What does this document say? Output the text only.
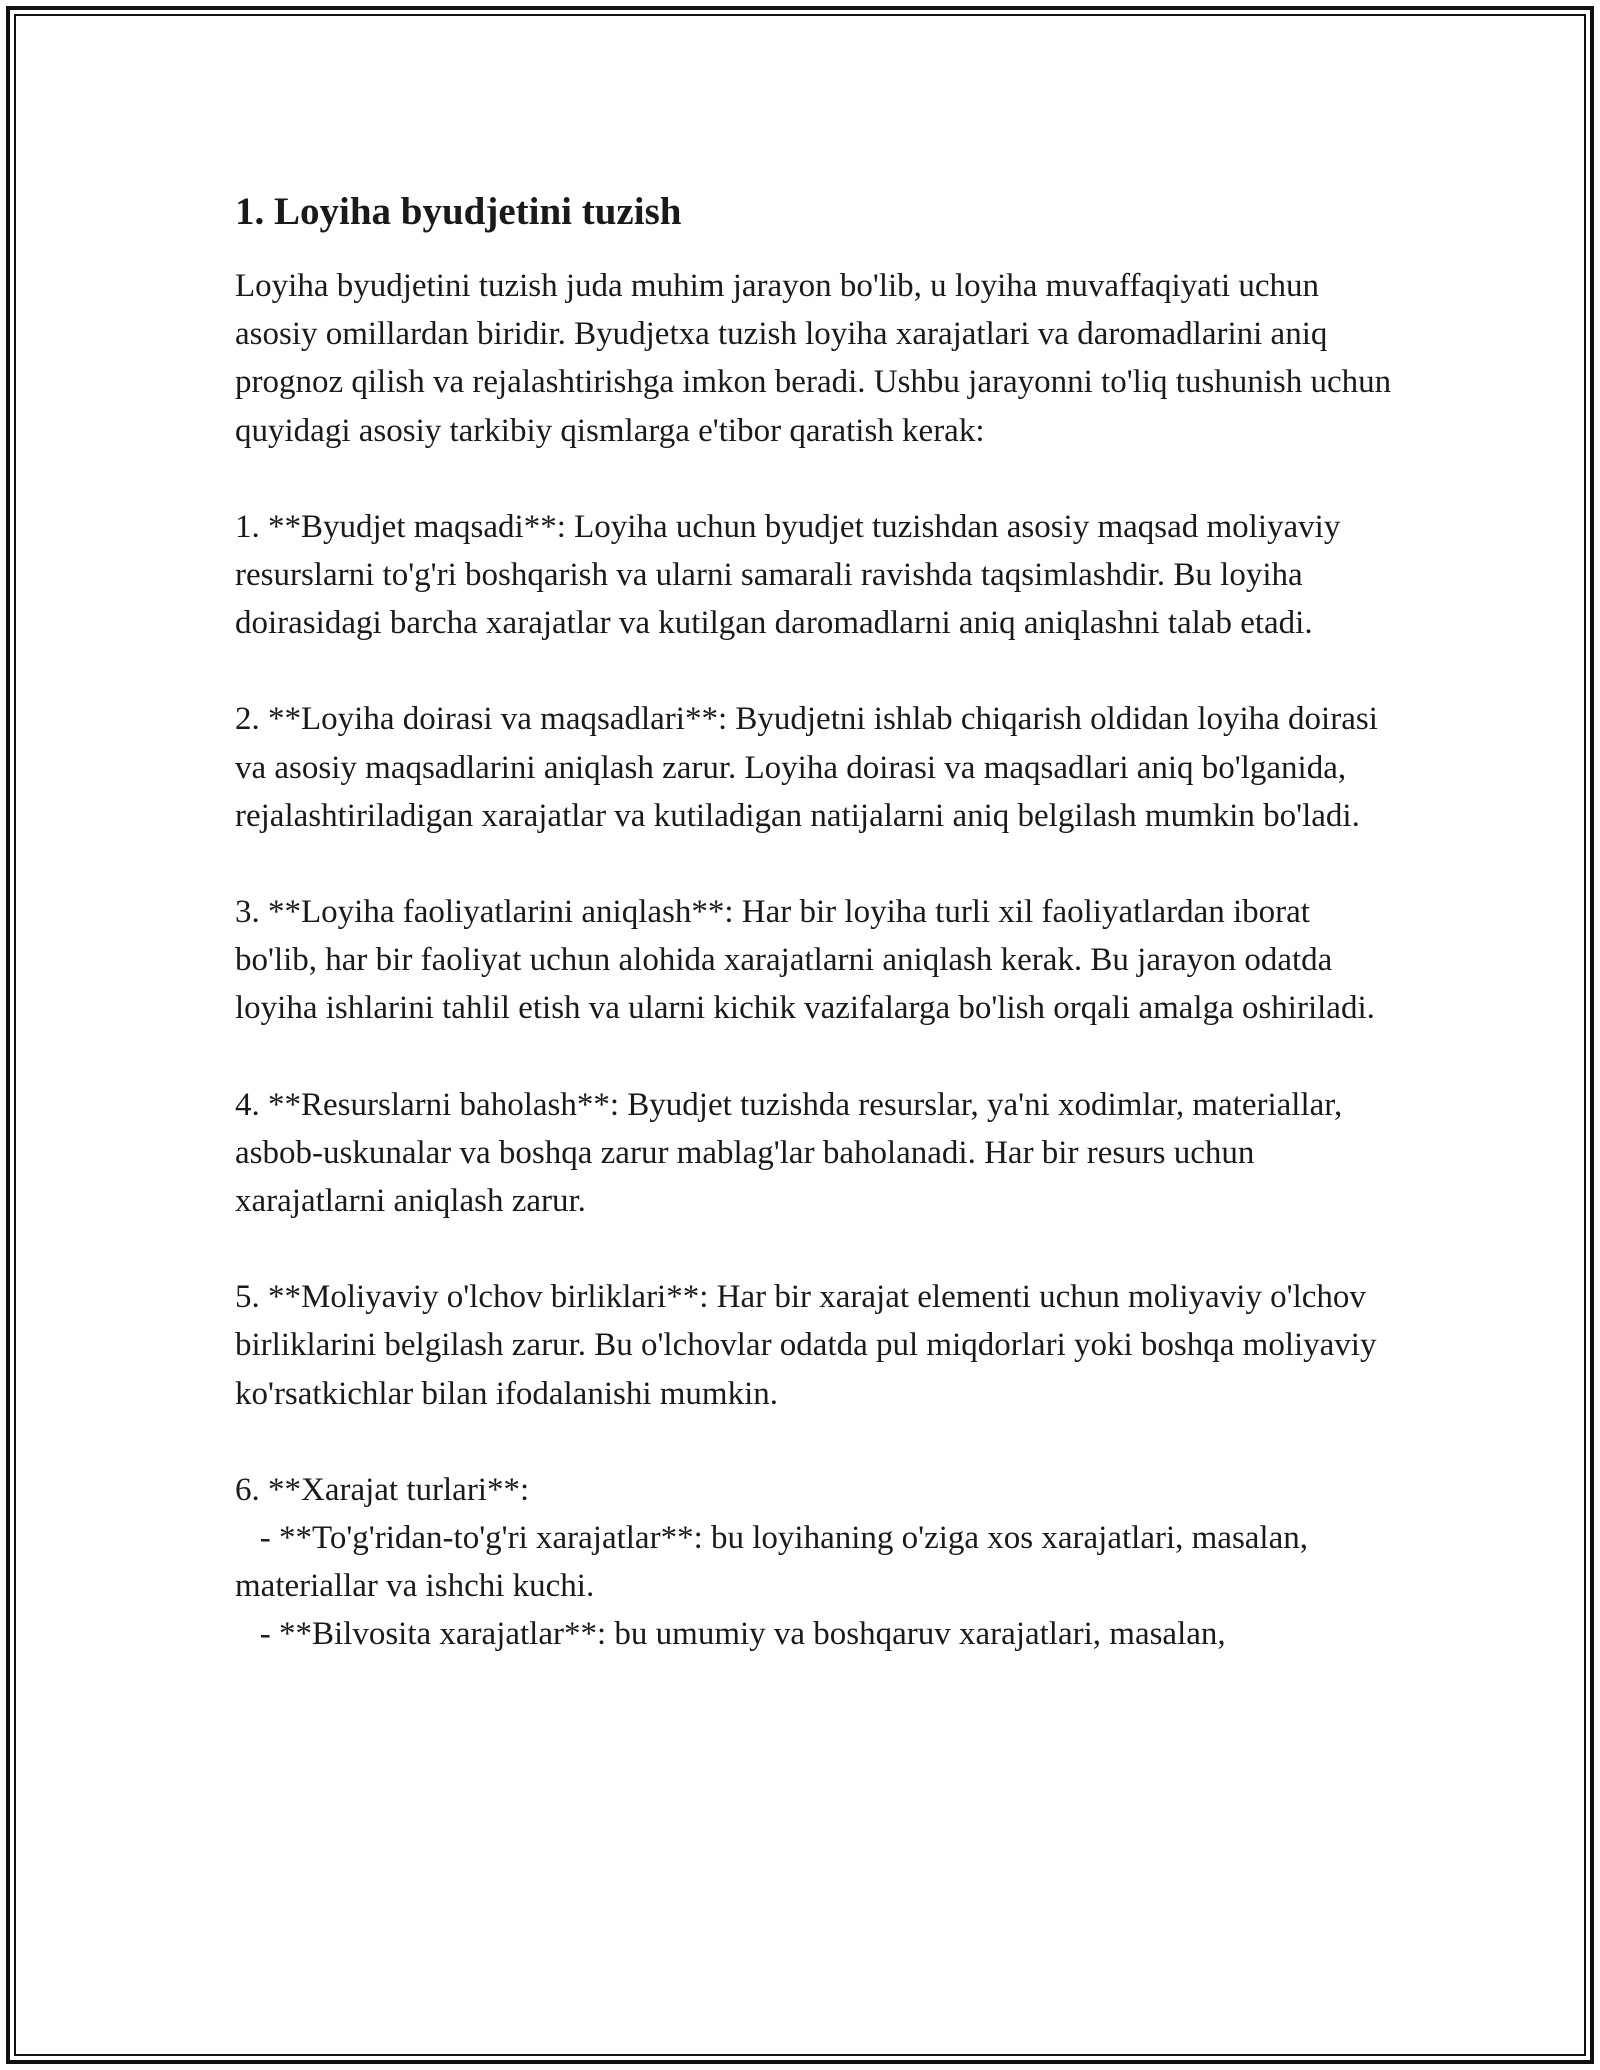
1. Loyiha byudjetini tuzish

Loyiha byudjetini tuzish juda muhim jarayon bo'lib, u loyiha muvaffaqiyati uchun asosiy omillardan biridir. Byudjetxa tuzish loyiha xarajatlari va daromadlarini aniq prognoz qilish va rejalashtirishga imkon beradi. Ushbu jarayonni to'liq tushunish uchun quyidagi asosiy tarkibiy qismlarga e'tibor qaratish kerak:

1. **Byudjet maqsadi**: Loyiha uchun byudjet tuzishdan asosiy maqsad moliyaviy resurslarni to'g'ri boshqarish va ularni samarali ravishda taqsimlashdir. Bu loyiha doirasidagi barcha xarajatlar va kutilgan daromadlarni aniq aniqlashni talab etadi.

2. **Loyiha doirasi va maqsadlari**: Byudjetni ishlab chiqarish oldidan loyiha doirasi va asosiy maqsadlarini aniqlash zarur. Loyiha doirasi va maqsadlari aniq bo'lganida, rejalashtiriladigan xarajatlar va kutiladigan natijalarni aniq belgilash mumkin bo'ladi.

3. **Loyiha faoliyatlarini aniqlash**: Har bir loyiha turli xil faoliyatlardan iborat bo'lib, har bir faoliyat uchun alohida xarajatlarni aniqlash kerak. Bu jarayon odatda loyiha ishlarini tahlil etish va ularni kichik vazifalarga bo'lish orqali amalga oshiriladi.

4. **Resurslarni baholash**: Byudjet tuzishda resurslar, ya'ni xodimlar, materiallar, asbob-uskunalar va boshqa zarur mablag'lar baholanadi. Har bir resurs uchun xarajatlarni aniqlash zarur.

5. **Moliyaviy o'lchov birliklari**: Har bir xarajat elementi uchun moliyaviy o'lchov birliklarini belgilash zarur. Bu o'lchovlar odatda pul miqdorlari yoki boshqa moliyaviy ko'rsatkichlar bilan ifodalanishi mumkin.

6. **Xarajat turlari**:

- **To'g'ridan-to'g'ri xarajatlar**: bu loyihaning o'ziga xos xarajatlari, masalan, materiallar va ishchi kuchi.

- **Bilvosita xarajatlar**: bu umumiy va boshqaruv xarajatlari, masalan,
